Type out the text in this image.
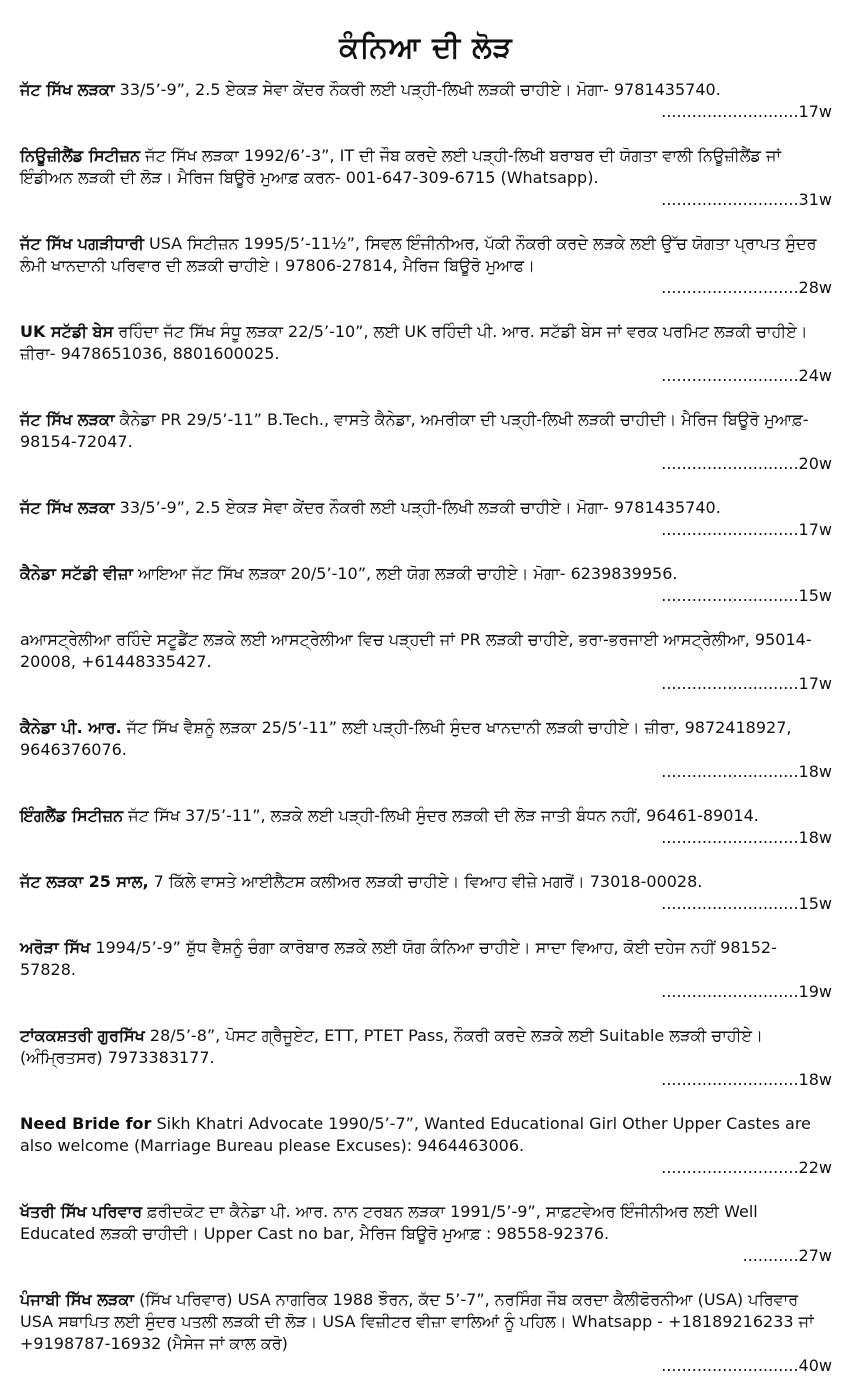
ਕੰਨਿਆ ਦੀ ਲੋੜ
ਜੱਟ ਸਿੱਖ ਲੜਕਾ 33/5’-9”, 2.5 ਏਕੜ ਸੇਵਾ ਕੇਂਦਰ ਨੌਕਰੀ ਲਈ ਪੜ੍ਹੀ-ਲਿਖੀ ਲੜਕੀ ਚਾਹੀਏ। ਮੋਗਾ- 9781435740.
...........................17w
ਨਿਊਜ਼ੀਲੈਂਡ ਸਿਟੀਜ਼ਨ ਜੱਟ ਸਿੱਖ ਲੜਕਾ 1992/6’-3”, IT ਦੀ ਜੌਬ ਕਰਦੇ ਲਈ ਪੜ੍ਹੀ-ਲਿਖੀ ਬਰਾਬਰ ਦੀ ਯੋਗਤਾ ਵਾਲੀ ਨਿਊਜ਼ੀਲੈਂਡ ਜਾਂ ਇੰਡੀਅਨ ਲੜਕੀ ਦੀ ਲੋੜ। ਮੈਰਿਜ ਬਿਊਰੋ ਮੁਆਫ਼ ਕਰਨ- 001-647-309-6715 (Whatsapp).
...........................31w
ਜੱਟ ਸਿੱਖ ਪਗੜੀਧਾਰੀ USA ਸਿਟੀਜ਼ਨ 1995/5’-11½”, ਸਿਵਲ ਇੰਜੀਨੀਅਰ, ਪੱਕੀ ਨੌਕਰੀ ਕਰਦੇ ਲੜਕੇ ਲਈ ਉੱਚ ਯੋਗਤਾ ਪ੍ਰਾਪਤ ਸੁੰਦਰ ਲੰਮੀ ਖਾਨਦਾਨੀ ਪਰਿਵਾਰ ਦੀ ਲੜਕੀ ਚਾਹੀਏ। 97806-27814, ਮੈਰਿਜ ਬਿਊਰੋ ਮੁਆਫ।
...........................28w
UK ਸਟੱਡੀ ਬੇਸ ਰਹਿੰਦਾ ਜੱਟ ਸਿੱਖ ਸੰਧੂ ਲੜਕਾ 22/5’-10”, ਲਈ UK ਰਹਿੰਦੀ ਪੀ. ਆਰ. ਸਟੱਡੀ ਬੇਸ ਜਾਂ ਵਰਕ ਪਰਮਿਟ ਲੜਕੀ ਚਾਹੀਏ। ਜ਼ੀਰਾ- 9478651036, 8801600025.
...........................24w
ਜੱਟ ਸਿੱਖ ਲੜਕਾ ਕੈਨੇਡਾ PR 29/5’-11” B.Tech., ਵਾਸਤੇ ਕੈਨੇਡਾ, ਅਮਰੀਕਾ ਦੀ ਪੜ੍ਹੀ-ਲਿਖੀ ਲੜਕੀ ਚਾਹੀਦੀ। ਮੈਰਿਜ ਬਿਊਰੋ ਮੁਆਫ਼- 98154-72047.
...........................20w
ਜੱਟ ਸਿੱਖ ਲੜਕਾ 33/5’-9”, 2.5 ਏਕੜ ਸੇਵਾ ਕੇਂਦਰ ਨੌਕਰੀ ਲਈ ਪੜ੍ਹੀ-ਲਿਖੀ ਲੜਕੀ ਚਾਹੀਏ। ਮੋਗਾ- 9781435740.
...........................17w
ਕੈਨੇਡਾ ਸਟੱਡੀ ਵੀਜ਼ਾ ਆਇਆ ਜੱਟ ਸਿੱਖ ਲੜਕਾ 20/5’-10”, ਲਈ ਯੋਗ ਲੜਕੀ ਚਾਹੀਏ। ਮੋਗਾ- 6239839956.
...........................15w
aਆਸਟ੍ਰੇਲੀਆ ਰਹਿੰਦੇ ਸਟੂਡੈਂਟ ਲੜਕੇ ਲਈ ਆਸਟ੍ਰੇਲੀਆ ਵਿਚ ਪੜ੍ਹਦੀ ਜਾਂ PR ਲੜਕੀ ਚਾਹੀਏ, ਭਰਾ-ਭਰਜਾਈ ਆਸਟ੍ਰੇਲੀਆ, 95014-20008, +61448335427.
...........................17w
ਕੈਨੇਡਾ ਪੀ. ਆਰ. ਜੱਟ ਸਿੱਖ ਵੈਸ਼ਨੂੰ ਲੜਕਾ 25/5’-11” ਲਈ ਪੜ੍ਹੀ-ਲਿਖੀ ਸੁੰਦਰ ਖਾਨਦਾਨੀ ਲੜਕੀ ਚਾਹੀਏ। ਜ਼ੀਰਾ, 9872418927, 9646376076.
...........................18w
ਇੰਗਲੈਂਡ ਸਿਟੀਜ਼ਨ ਜੱਟ ਸਿੱਖ 37/5’-11”, ਲੜਕੇ ਲਈ ਪੜ੍ਹੀ-ਲਿਖੀ ਸੁੰਦਰ ਲੜਕੀ ਦੀ ਲੋੜ ਜਾਤੀ ਬੰਧਨ ਨਹੀਂ, 96461-89014.
...........................18w
ਜੱਟ ਲੜਕਾ 25 ਸਾਲ, 7 ਕਿੱਲੇ ਵਾਸਤੇ ਆਈਲੈਟਸ ਕਲੀਅਰ ਲੜਕੀ ਚਾਹੀਏ। ਵਿਆਹ ਵੀਜ਼ੇ ਮਗਰੋਂ। 73018-00028.
...........................15w
ਅਰੋੜਾ ਸਿੱਖ 1994/5’-9” ਸ਼ੁੱਧ ਵੈਸ਼ਨੂੰ ਚੰਗਾ ਕਾਰੋਬਾਰ ਲੜਕੇ ਲਈ ਯੋਗ ਕੰਨਿਆ ਚਾਹੀਏ। ਸਾਦਾ ਵਿਆਹ, ਕੋਈ ਦਹੇਜ ਨਹੀਂ 98152-57828.
...........................19w
ਟਾਂਕਕਸ਼ਤਰੀ ਗੁਰਸਿੱਖ 28/5’-8”, ਪੋਸਟ ਗ੍ਰੈਜੂਏਟ, ETT, PTET Pass, ਨੌਕਰੀ ਕਰਦੇ ਲੜਕੇ ਲਈ Suitable ਲੜਕੀ ਚਾਹੀਏ। (ਅੰਮ੍ਰਿਤਸਰ) 7973383177.
...........................18w
Need Bride for Sikh Khatri Advocate 1990/5’-7”, Wanted Educational Girl Other Upper Castes are also welcome (Marriage Bureau please Excuses): 9464463006.
...........................22w
ਖੱਤਰੀ ਸਿੱਖ ਪਰਿਵਾਰ ਫ਼ਰੀਦਕੋਟ ਦਾ ਕੈਨੇਡਾ ਪੀ. ਆਰ. ਨਾਨ ਟਰਬਨ ਲੜਕਾ 1991/5’-9”, ਸਾਫ਼ਟਵੇਅਰ ਇੰਜੀਨੀਅਰ ਲਈ Well Educated ਲੜਕੀ ਚਾਹੀਦੀ। Upper Cast no bar, ਮੈਰਿਜ ਬਿਊਰੋ ਮੁਆਫ਼ : 98558-92376.
...........27w
ਪੰਜਾਬੀ ਸਿੱਖ ਲੜਕਾ (ਸਿੱਖ ਪਰਿਵਾਰ) USA ਨਾਗਰਿਕ 1988 ਝੌਰਨ, ਕੱਦ 5’-7”, ਨਰਸਿੰਗ ਜੌਬ ਕਰਦਾ ਕੈਲੀਫੋਰਨੀਆ (USA) ਪਰਿਵਾਰ USA ਸਥਾਪਿਤ ਲਈ ਸੁੰਦਰ ਪਤਲੀ ਲੜਕੀ ਦੀ ਲੋੜ। USA ਵਿਜ਼ੀਟਰ ਵੀਜ਼ਾ ਵਾਲਿਆਂ ਨੂੰ ਪਹਿਲ। Whatsapp - +18189216233 ਜਾਂ +9198787-16932 (ਮੈਸੇਜ ਜਾਂ ਕਾਲ ਕਰੋ)
...........................40w
